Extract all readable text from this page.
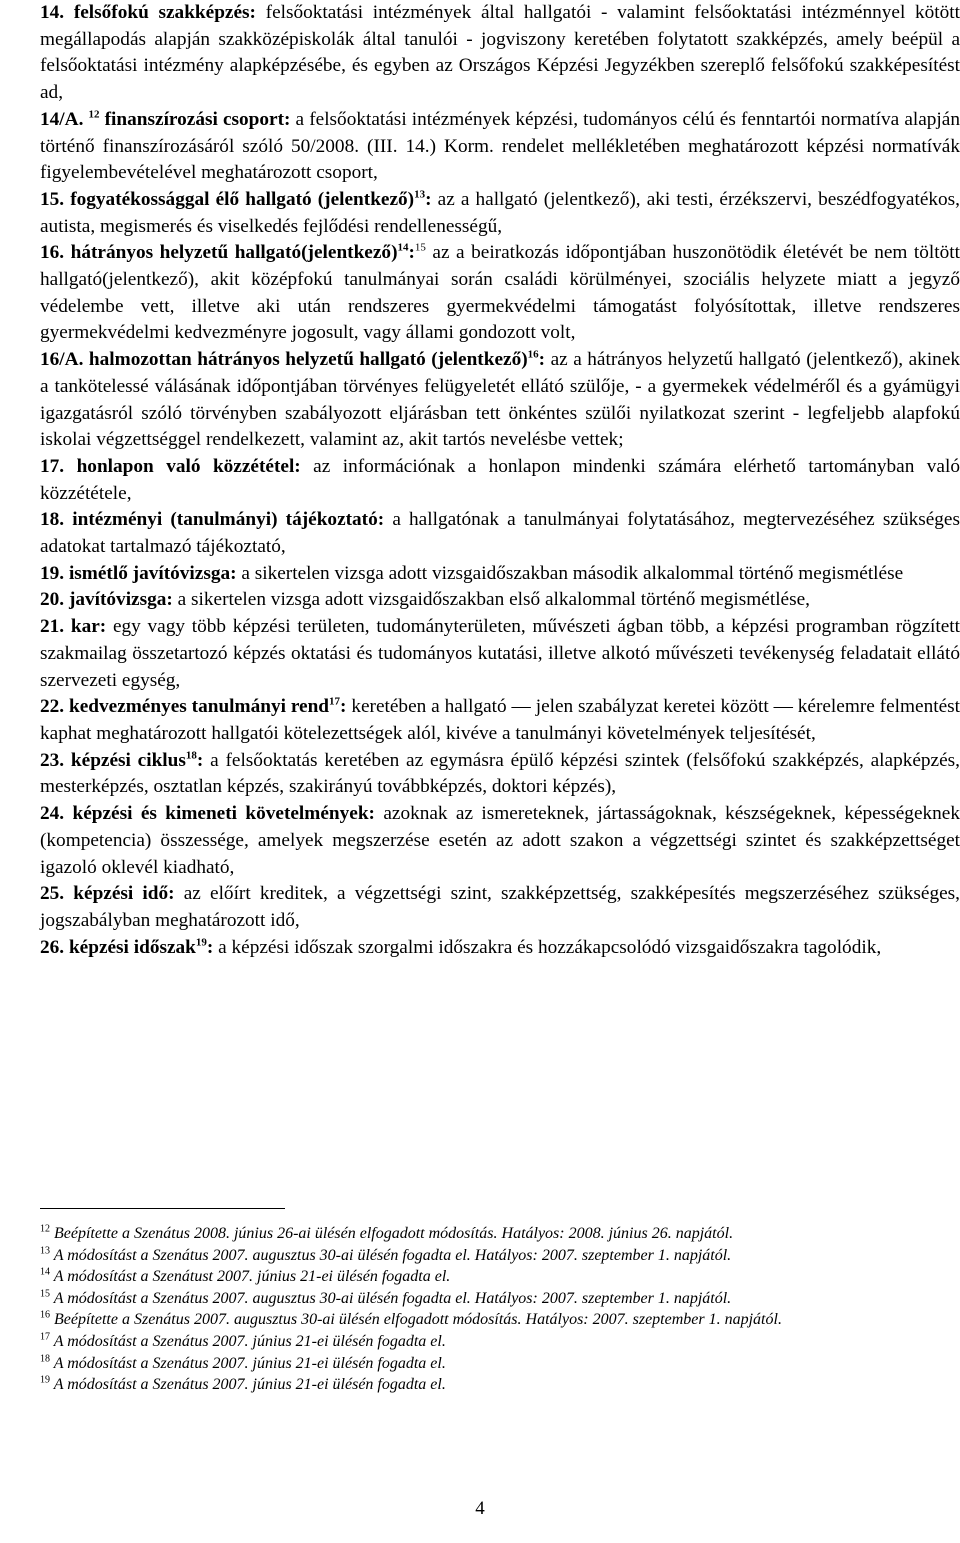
14. felsőfokú szakképzés: felsőoktatási intézmények által hallgatói - valamint felsőoktatási intézménnyel kötött megállapodás alapján szakközépiskolák által tanulói - jogviszony keretében folytatott szakképzés, amely beépül a felsőoktatási intézmény alapképzésébe, és egyben az Országos Képzési Jegyzékben szereplő felsőfokú szakképesítést ad,

14/A. $^{12}$ finanszírozási csoport: a felsőoktatási intézmények képzési, tudományos célú és fenntartói normatíva alapján történő finanszírozásáról szóló 50/2008. (III. 14.) Korm. rendelet mellékletében meghatározott képzési normatívák figyelembevételével meghatározott csoport,

15. fogyatékossággal élő hallgató (jelentkező)$^{13}$: az a hallgató (jelentkező), aki testi, érzékszervi, beszédfogyatékos, autista, megismerés és viselkedés fejlődési rendellenességű,

16. hátrányos helyzetű hallgató(jelentkező)$^{14}$:$^{15}$ az a beiratkozás időpontjában huszonötödik életévét be nem töltött hallgató(jelentkező), akit középfokú tanulmányai során családi körülményei, szociális helyzete miatt a jegyző védelembe vett, illetve aki után rendszeres gyermekvédelmi támogatást folyósítottak, illetve rendszeres gyermekvédelmi kedvezményre jogosult, vagy állami gondozott volt,

16/A. halmozottan hátrányos helyzetű hallgató (jelentkező)$^{16}$: az a hátrányos helyzetű hallgató (jelentkező), akinek a tankötelessé válásának időpontjában törvényes felügyeletét ellátó szülője, - a gyermekek védelméről és a gyámügyi igazgatásról szóló törvényben szabályozott eljárásban tett önkéntes szülői nyilatkozat szerint - legfeljebb alapfokú iskolai végzettséggel rendelkezett, valamint az, akit tartós nevelésbe vettek;

17. honlapon való közzététel: az információnak a honlapon mindenki számára elérhető tartományban való közzététele,

18. intézményi (tanulmányi) tájékoztató: a hallgatónak a tanulmányai folytatásához, megtervezéséhez szükséges adatokat tartalmazó tájékoztató,

19. ismétlő javítóvizsga: a sikertelen vizsga adott vizsgaidőszakban második alkalommal történő megismétlése

20. javítóvizsga: a sikertelen vizsga adott vizsgaidőszakban első alkalommal történő megismétlése,

21. kar: egy vagy több képzési területen, tudományterületen, művészeti ágban több, a képzési programban rögzített szakmailag összetartozó képzés oktatási és tudományos kutatási, illetve alkotó művészeti tevékenység feladatait ellátó szervezeti egység,

22. kedvezményes tanulmányi rend$^{17}$: keretében a hallgató — jelen szabályzat keretei között — kérelemre felmentést kaphat meghatározott hallgatói kötelezettségek alól, kivéve a tanulmányi követelmények teljesítését,

23. képzési ciklus$^{18}$: a felsőoktatás keretében az egymásra épülő képzési szintek (felsőfokú szakképzés, alapképzés, mesterképzés, osztatlan képzés, szakirányú továbbképzés, doktori képzés),

24. képzési és kimeneti követelmények: azoknak az ismereteknek, jártasságoknak, készségeknek, képességeknek (kompetencia) összessége, amelyek megszerzése esetén az adott szakon a végzettségi szintet és szakképzettséget igazoló oklevél kiadható,

25. képzési idő: az előírt kreditek, a végzettségi szint, szakképzettség, szakképesítés megszerzéséhez szükséges, jogszabályban meghatározott idő,

26. képzési időszak$^{19}$: a képzési időszak szorgalmi időszakra és hozzákapcsolódó vizsgaidőszakra tagolódik,

$^{12}$ Beépítette a Szenátus 2008. június 26-ai ülésén elfogadott módosítás. Hatályos: 2008. június 26. napjától.

$^{13}$ A módosítást a Szenátus 2007. augusztus 30-ai ülésén fogadta el. Hatályos: 2007. szeptember 1. napjától.

$^{14}$ A módosítást a Szenátust 2007. június 21-ei ülésén fogadta el.

$^{15}$ A módosítást a Szenátus 2007. augusztus 30-ai ülésén fogadta el. Hatályos: 2007. szeptember 1. napjától.

$^{16}$ Beépítette a Szenátus 2007. augusztus 30-ai ülésén elfogadott módosítás. Hatályos: 2007. szeptember 1. napjától.

$^{17}$ A módosítást a Szenátus 2007. június 21-ei ülésén fogadta el.

$^{18}$ A módosítást a Szenátus 2007. június 21-ei ülésén fogadta el.

$^{19}$ A módosítást a Szenátus 2007. június 21-ei ülésén fogadta el.

4
